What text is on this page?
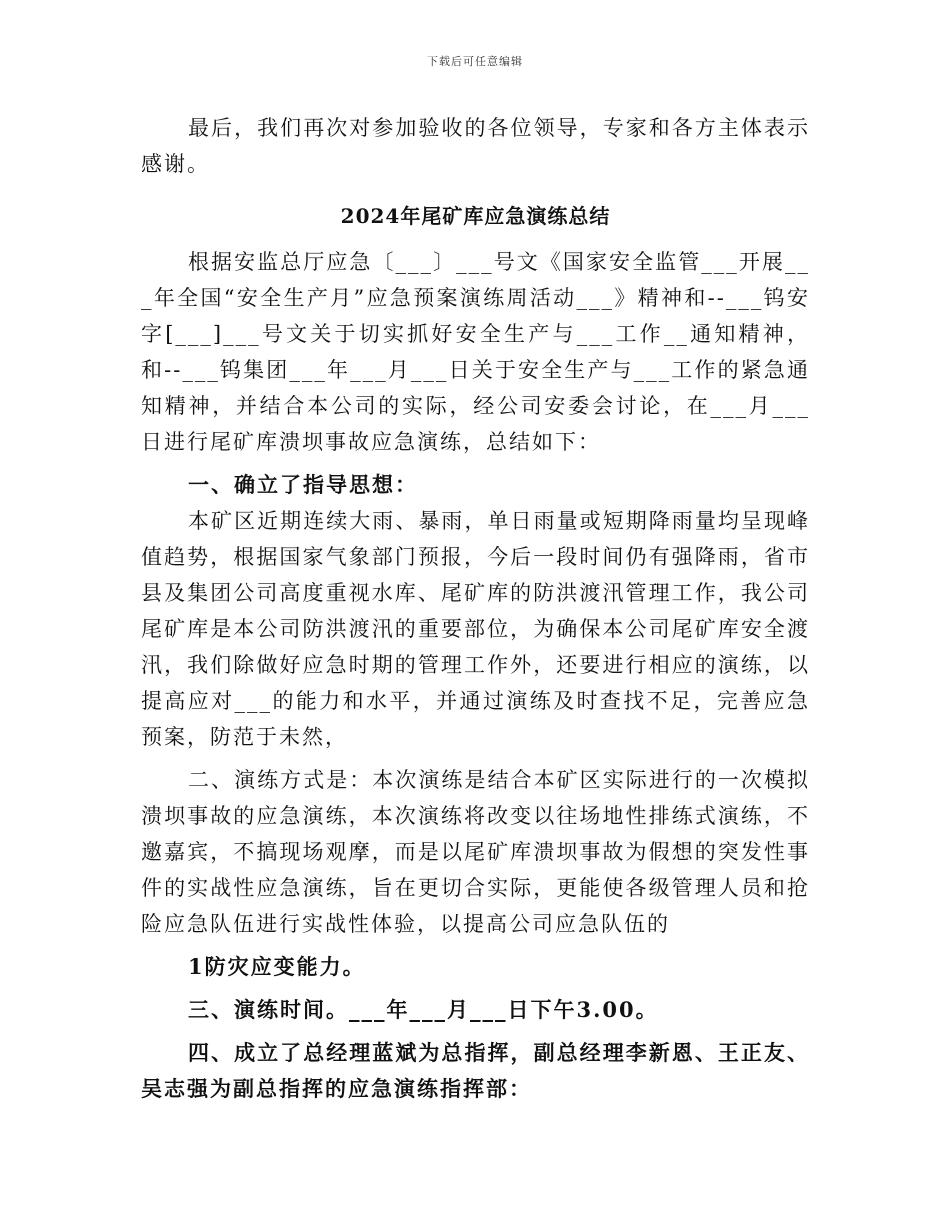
下载后可任意编辑

最后，我们再次对参加验收的各位领导，专家和各方主体表示感谢。

2024年尾矿库应急演练总结

根据安监总厅应急〔___〕___号文《国家安全监管___开展___年全国“安全生产月”应急预案演练周活动___》精神和--___钨安字[___]___号文关于切实抓好安全生产与___工作__通知精神，和--___钨集团___年___月___日关于安全生产与___工作的紧急通知精神，并结合本公司的实际，经公司安委会讨论，在___月___日进行尾矿库溃坝事故应急演练，总结如下：

一、确立了指导思想：

本矿区近期连续大雨、暴雨，单日雨量或短期降雨量均呈现峰值趋势，根据国家气象部门预报，今后一段时间仍有强降雨，省市县及集团公司高度重视水库、尾矿库的防洪渡汛管理工作，我公司尾矿库是本公司防洪渡汛的重要部位，为确保本公司尾矿库安全渡汛，我们除做好应急时期的管理工作外，还要进行相应的演练，以提高应对___的能力和水平，并通过演练及时查找不足，完善应急预案，防范于未然，

二、演练方式是：本次演练是结合本矿区实际进行的一次模拟溃坝事故的应急演练，本次演练将改变以往场地性排练式演练，不邀嘉宾，不搞现场观摩，而是以尾矿库溃坝事故为假想的突发性事件的实战性应急演练，旨在更切合实际，更能使各级管理人员和抢险应急队伍进行实战性体验，以提高公司应急队伍的

1防灾应变能力。

三、演练时间。___年___月___日下午3.00。

四、成立了总经理蓝斌为总指挥，副总经理李新恩、王正友、吴志强为副总指挥的应急演练指挥部：
